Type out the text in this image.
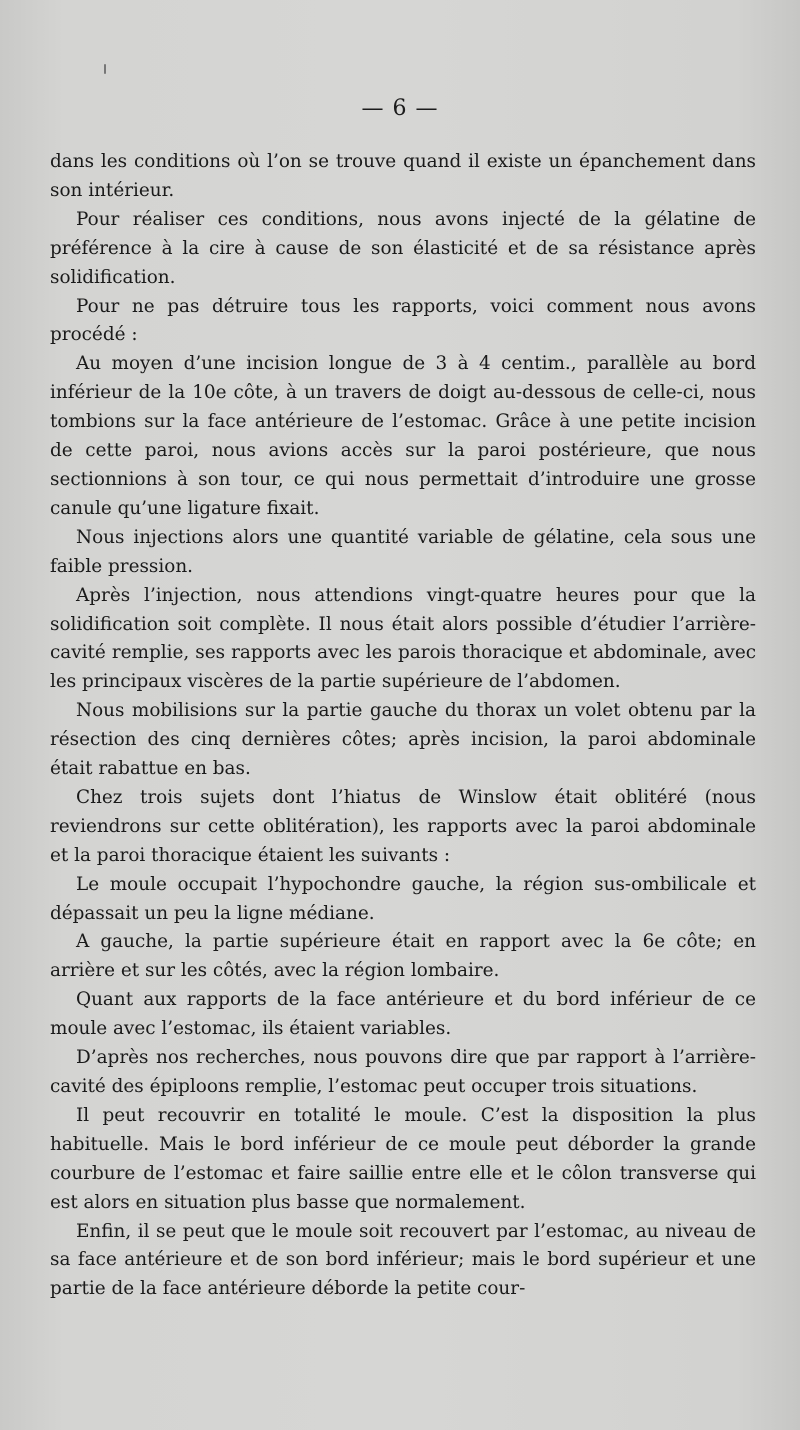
— 6 —

dans les conditions où l’on se trouve quand il existe un épanchement dans son intérieur.

Pour réaliser ces conditions, nous avons injecté de la gélatine de préférence à la cire à cause de son élasticité et de sa résistance après solidification.

Pour ne pas détruire tous les rapports, voici comment nous avons procédé :

Au moyen d’une incision longue de 3 à 4 centim., parallèle au bord inférieur de la 10e côte, à un travers de doigt au-dessous de celle-ci, nous tombions sur la face antérieure de l’estomac. Grâce à une petite incision de cette paroi, nous avions accès sur la paroi postérieure, que nous sectionnions à son tour, ce qui nous permettait d’introduire une grosse canule qu’une ligature fixait.

Nous injections alors une quantité variable de gélatine, cela sous une faible pression.

Après l’injection, nous attendions vingt-quatre heures pour que la solidification soit complète. Il nous était alors possible d’étudier l’arrière-cavité remplie, ses rapports avec les parois thoracique et abdominale, avec les principaux viscères de la partie supérieure de l’abdomen.

Nous mobilisions sur la partie gauche du thorax un volet obtenu par la résection des cinq dernières côtes; après incision, la paroi abdominale était rabattue en bas.

Chez trois sujets dont l’hiatus de Winslow était oblitéré (nous reviendrons sur cette oblitération), les rapports avec la paroi abdominale et la paroi thoracique étaient les suivants :

Le moule occupait l’hypochondre gauche, la région sus-ombilicale et dépassait un peu la ligne médiane.

A gauche, la partie supérieure était en rapport avec la 6e côte; en arrière et sur les côtés, avec la région lombaire.

Quant aux rapports de la face antérieure et du bord inférieur de ce moule avec l’estomac, ils étaient variables.

D’après nos recherches, nous pouvons dire que par rapport à l’arrière-cavité des épiploons remplie, l’estomac peut occuper trois situations.

Il peut recouvrir en totalité le moule. C’est la disposition la plus habituelle. Mais le bord inférieur de ce moule peut déborder la grande courbure de l’estomac et faire saillie entre elle et le côlon transverse qui est alors en situation plus basse que normalement.

Enfin, il se peut que le moule soit recouvert par l’estomac, au niveau de sa face antérieure et de son bord inférieur; mais le bord supérieur et une partie de la face antérieure déborde la petite cour-
